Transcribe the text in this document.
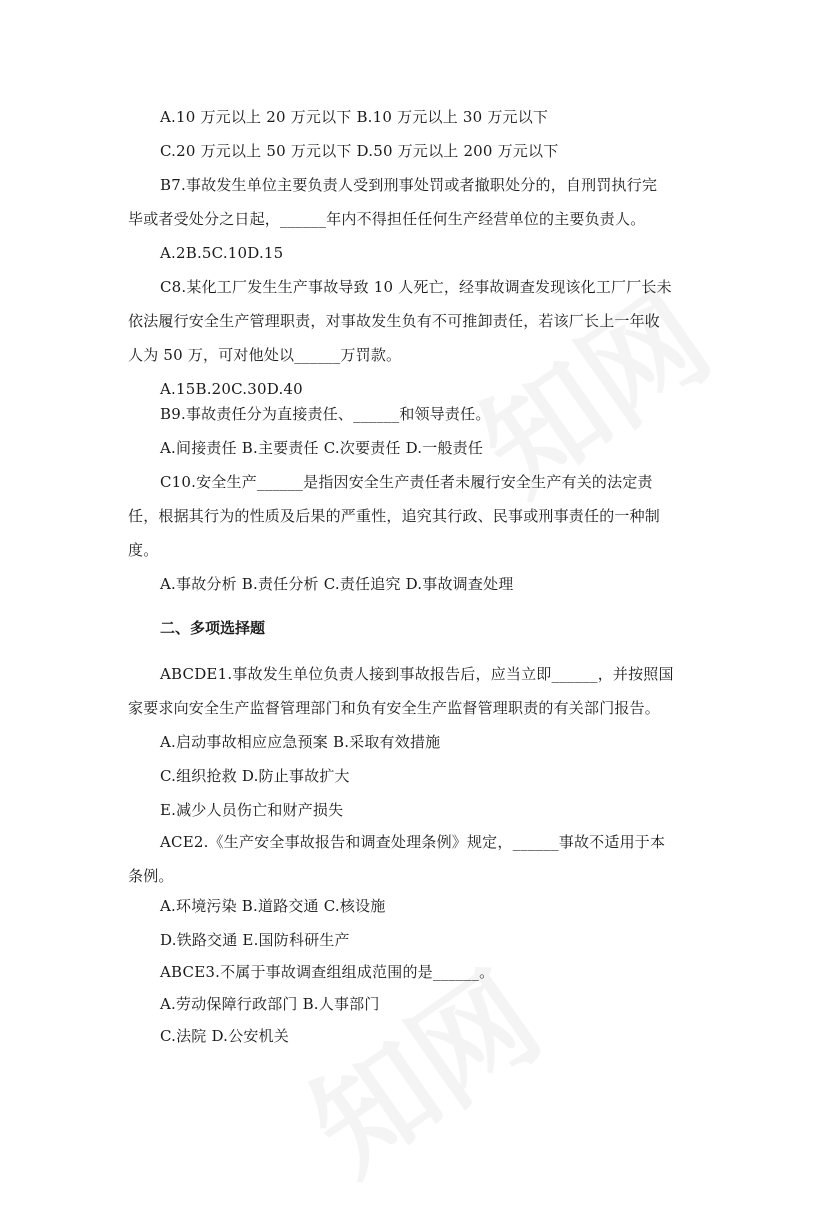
A.10 万元以上 20 万元以下 B.10 万元以上 30 万元以下
C.20 万元以上 50 万元以下 D.50 万元以上 200 万元以下
B7.事故发生单位主要负责人受到刑事处罚或者撤职处分的，自刑罚执行完
毕或者受处分之日起，______年内不得担任任何生产经营单位的主要负责人。
A.2B.5C.10D.15
C8.某化工厂发生生产事故导致 10 人死亡，经事故调查发现该化工厂厂长未
依法履行安全生产管理职责，对事故发生负有不可推卸责任，若该厂长上一年收
人为 50 万，可对他处以______万罚款。
A.15B.20C.30D.40
B9.事故责任分为直接责任、______和领导责任。
A.间接责任 B.主要责任 C.次要责任 D.一般责任
C10.安全生产______是指因安全生产责任者未履行安全生产有关的法定责
任，根据其行为的性质及后果的严重性，追究其行政、民事或刑事责任的一种制
度。
A.事故分析 B.责任分析 C.责任追究 D.事故调查处理
二、多项选择题
ABCDE1.事故发生单位负责人接到事故报告后，应当立即______，并按照国
家要求向安全生产监督管理部门和负有安全生产监督管理职责的有关部门报告。
A.启动事故相应应急预案 B.采取有效措施
C.组织抢救 D.防止事故扩大
E.减少人员伤亡和财产损失
ACE2.《生产安全事故报告和调查处理条例》规定，______事故不适用于本
条例。
A.环境污染 B.道路交通 C.核设施
D.铁路交通 E.国防科研生产
ABCE3.不属于事故调查组组成范围的是______。
A.劳动保障行政部门 B.人事部门
C.法院 D.公安机关
